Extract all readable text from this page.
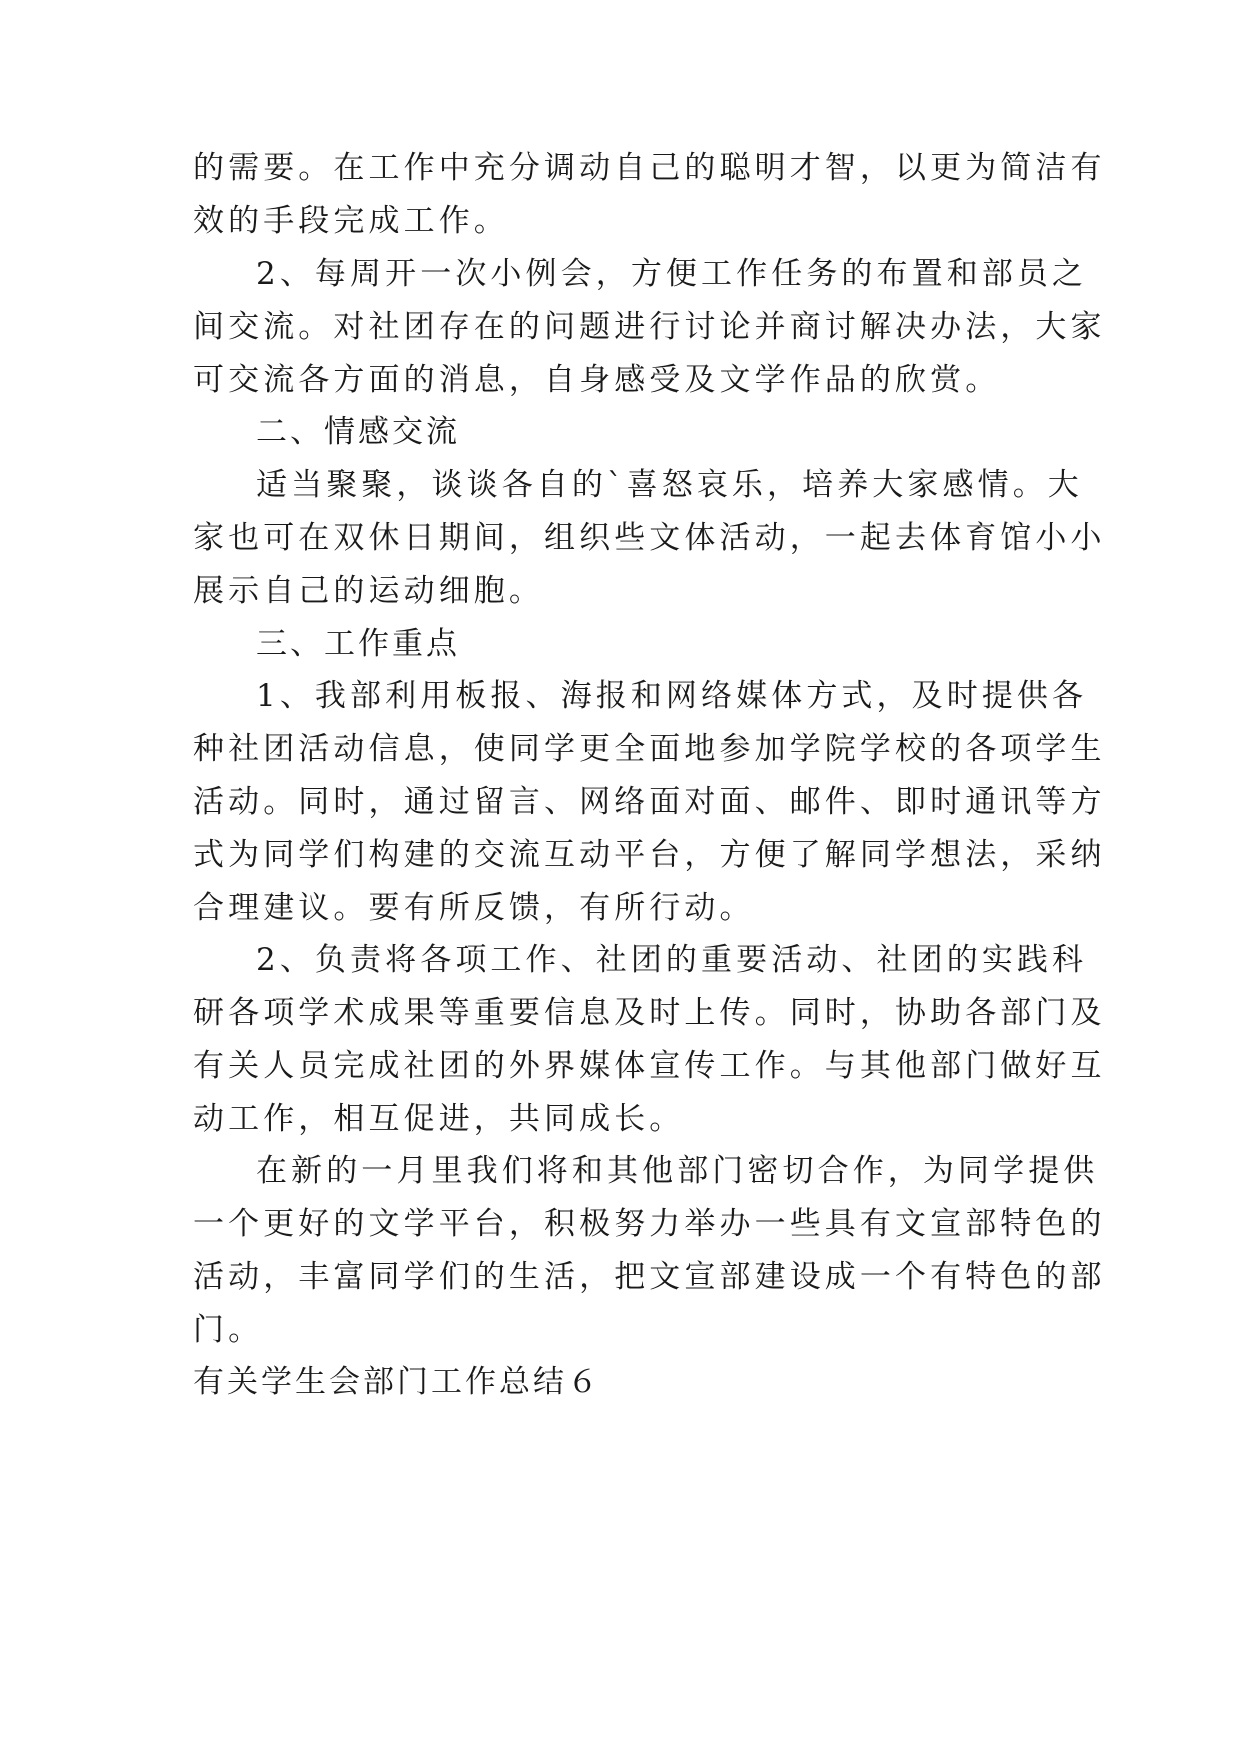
的需要。在工作中充分调动自己的聪明才智，以更为简洁有
效的手段完成工作。
2、每周开一次小例会，方便工作任务的布置和部员之
间交流。对社团存在的问题进行讨论并商讨解决办法，大家
可交流各方面的消息，自身感受及文学作品的欣赏。
二、情感交流
适当聚聚，谈谈各自的`喜怒哀乐，培养大家感情。大
家也可在双休日期间，组织些文体活动，一起去体育馆小小
展示自己的运动细胞。
三、工作重点
1、我部利用板报、海报和网络媒体方式，及时提供各
种社团活动信息，使同学更全面地参加学院学校的各项学生
活动。同时，通过留言、网络面对面、邮件、即时通讯等方
式为同学们构建的交流互动平台，方便了解同学想法，采纳
合理建议。要有所反馈，有所行动。
2、负责将各项工作、社团的重要活动、社团的实践科
研各项学术成果等重要信息及时上传。同时，协助各部门及
有关人员完成社团的外界媒体宣传工作。与其他部门做好互
动工作，相互促进，共同成长。
在新的一月里我们将和其他部门密切合作，为同学提供
一个更好的文学平台，积极努力举办一些具有文宣部特色的
活动，丰富同学们的生活，把文宣部建设成一个有特色的部
门。
有关学生会部门工作总结６
